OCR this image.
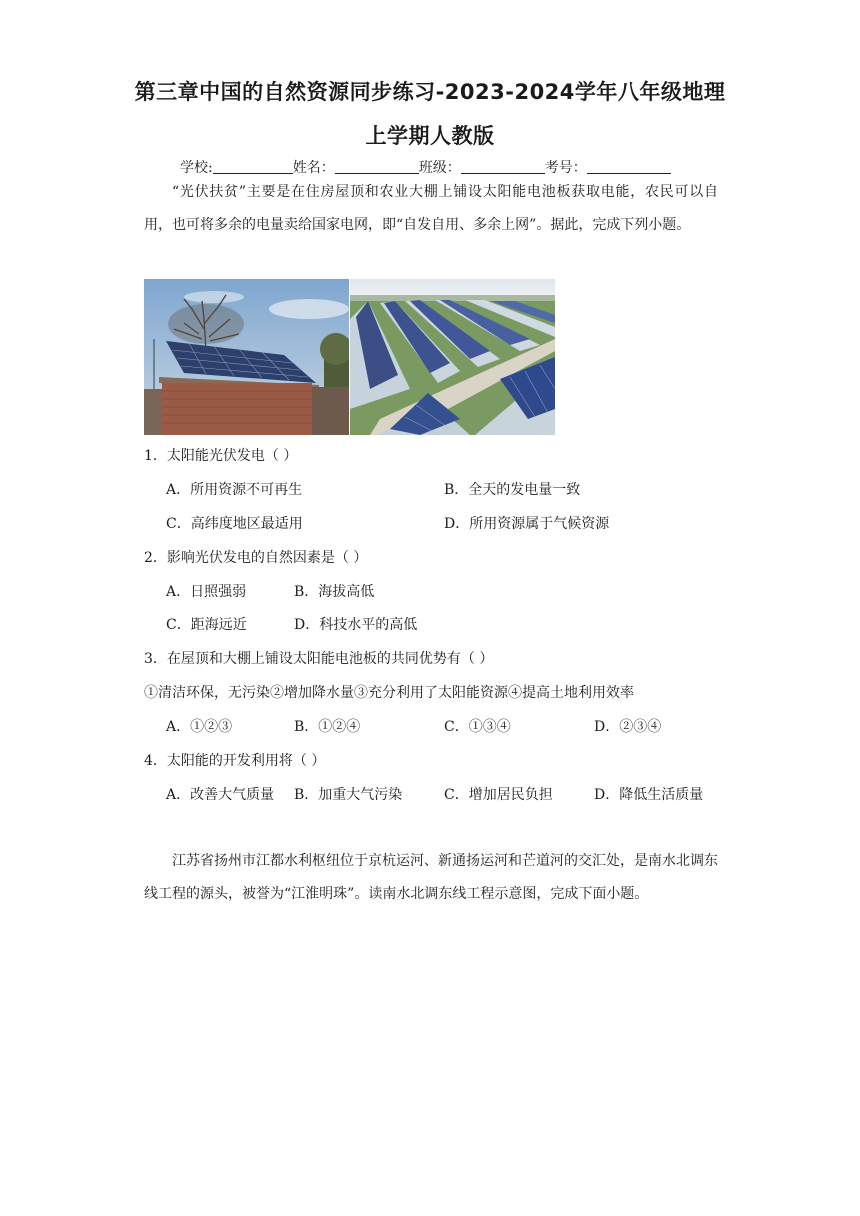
第三章中国的自然资源同步练习-2023-2024学年八年级地理
上学期人教版
学校:	姓名：	班级：	考号：
“光伏扶贫”主要是在住房屋顶和农业大棚上铺设太阳能电池板获取电能，农民可以自用，也可将多余的电量卖给国家电网，即“自发自用、多余上网”。据此，完成下列小题。
1．太阳能光伏发电（ ）
A．所用资源不可再生	B．全天的发电量一致
C．高纬度地区最适用	D．所用资源属于气候资源
2．影响光伏发电的自然因素是（ ）
A．日照强弱	B．海拔高低
C．距海远近	D．科技水平的高低
3．在屋顶和大棚上铺设太阳能电池板的共同优势有（ ）
①清洁环保，无污染②增加降水量③充分利用了太阳能资源④提高土地利用效率
A．①②③	B．①②④	C．①③④	D．②③④
4．太阳能的开发利用将（ ）
A．改善大气质量 B．加重大气污染	C．增加居民负担	D．降低生活质量
江苏省扬州市江都水利枢纽位于京杭运河、新通扬运河和芒道河的交汇处，是南水北调东线工程的源头，被誉为“江淮明珠”。读南水北调东线工程示意图，完成下面小题。
